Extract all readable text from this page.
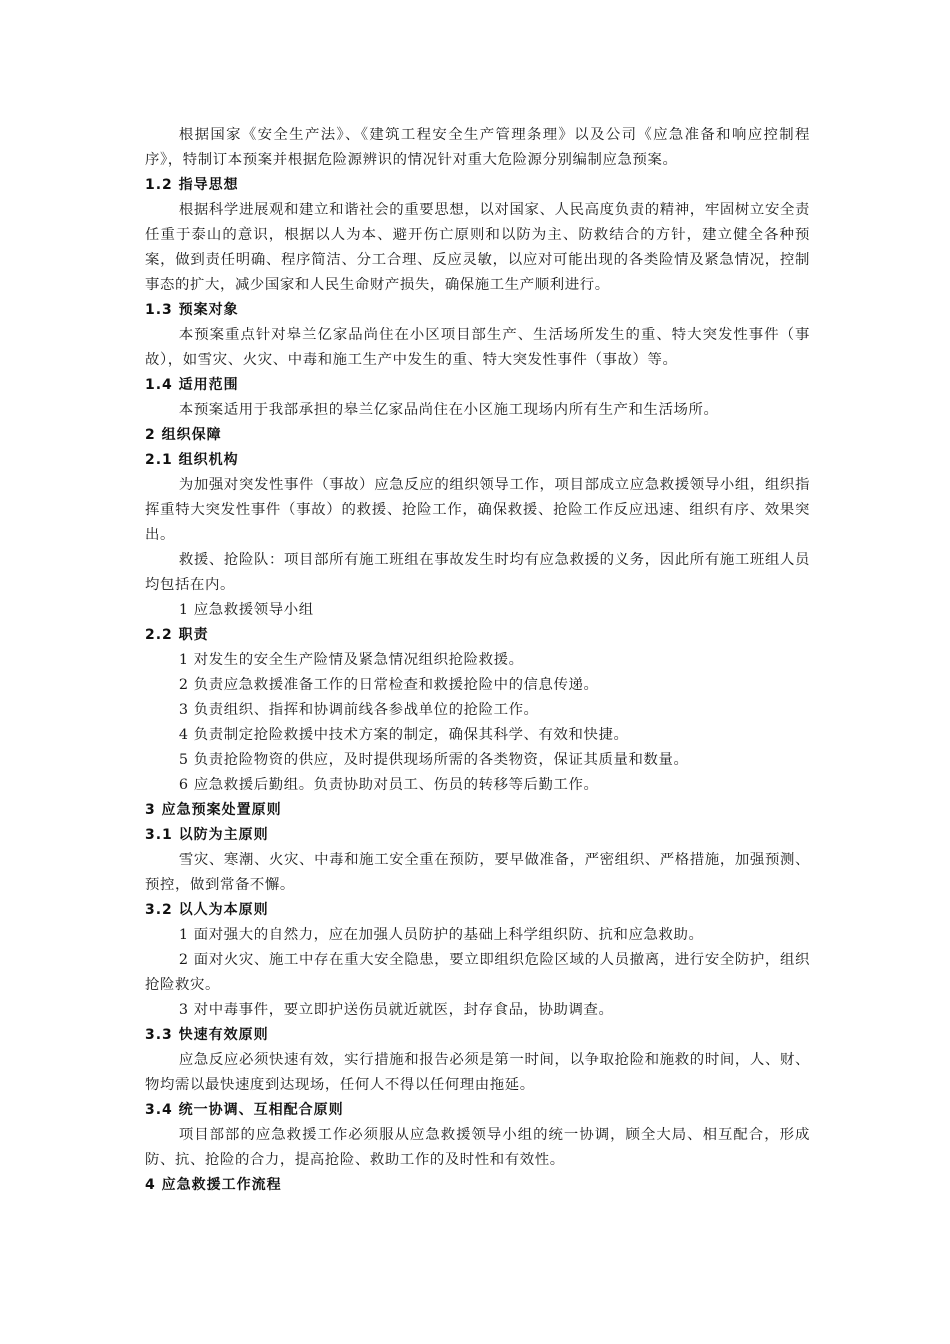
根据国家《安全生产法》、《建筑工程安全生产管理条理》以及公司《应急准备和响应控制程序》，特制订本预案并根据危险源辨识的情况针对重大危险源分别编制应急预案。
1.2 指导思想
根据科学进展观和建立和谐社会的重要思想，以对国家、人民高度负责的精神，牢固树立安全责任重于泰山的意识，根据以人为本、避开伤亡原则和以防为主、防救结合的方针，建立健全各种预案，做到责任明确、程序简洁、分工合理、反应灵敏，以应对可能出现的各类险情及紧急情况，控制事态的扩大，减少国家和人民生命财产损失，确保施工生产顺利进行。
1.3 预案对象
本预案重点针对皋兰亿家品尚住在小区项目部生产、生活场所发生的重、特大突发性事件（事故），如雪灾、火灾、中毒和施工生产中发生的重、特大突发性事件（事故）等。
1.4 适用范围
本预案适用于我部承担的皋兰亿家品尚住在小区施工现场内所有生产和生活场所。
2 组织保障
2.1 组织机构
为加强对突发性事件（事故）应急反应的组织领导工作，项目部成立应急救援领导小组，组织指挥重特大突发性事件（事故）的救援、抢险工作，确保救援、抢险工作反应迅速、组织有序、效果突出。
救援、抢险队：项目部所有施工班组在事故发生时均有应急救援的义务，因此所有施工班组人员均包括在内。
1 应急救援领导小组
2.2 职责
1 对发生的安全生产险情及紧急情况组织抢险救援。
2 负责应急救援准备工作的日常检查和救援抢险中的信息传递。
3 负责组织、指挥和协调前线各参战单位的抢险工作。
4 负责制定抢险救援中技术方案的制定，确保其科学、有效和快捷。
5 负责抢险物资的供应，及时提供现场所需的各类物资，保证其质量和数量。
6 应急救援后勤组。负责协助对员工、伤员的转移等后勤工作。
3 应急预案处置原则
3.1 以防为主原则
雪灾、寒潮、火灾、中毒和施工安全重在预防，要早做准备，严密组织、严格措施，加强预测、预控，做到常备不懈。
3.2 以人为本原则
1 面对强大的自然力，应在加强人员防护的基础上科学组织防、抗和应急救助。
2 面对火灾、施工中存在重大安全隐患，要立即组织危险区域的人员撤离，进行安全防护，组织抢险救灾。
3 对中毒事件，要立即护送伤员就近就医，封存食品，协助调查。
3.3 快速有效原则
应急反应必须快速有效，实行措施和报告必须是第一时间，以争取抢险和施救的时间，人、财、物均需以最快速度到达现场，任何人不得以任何理由拖延。
3.4 统一协调、互相配合原则
项目部部的应急救援工作必须服从应急救援领导小组的统一协调，顾全大局、相互配合，形成防、抗、抢险的合力，提高抢险、救助工作的及时性和有效性。
4 应急救援工作流程
